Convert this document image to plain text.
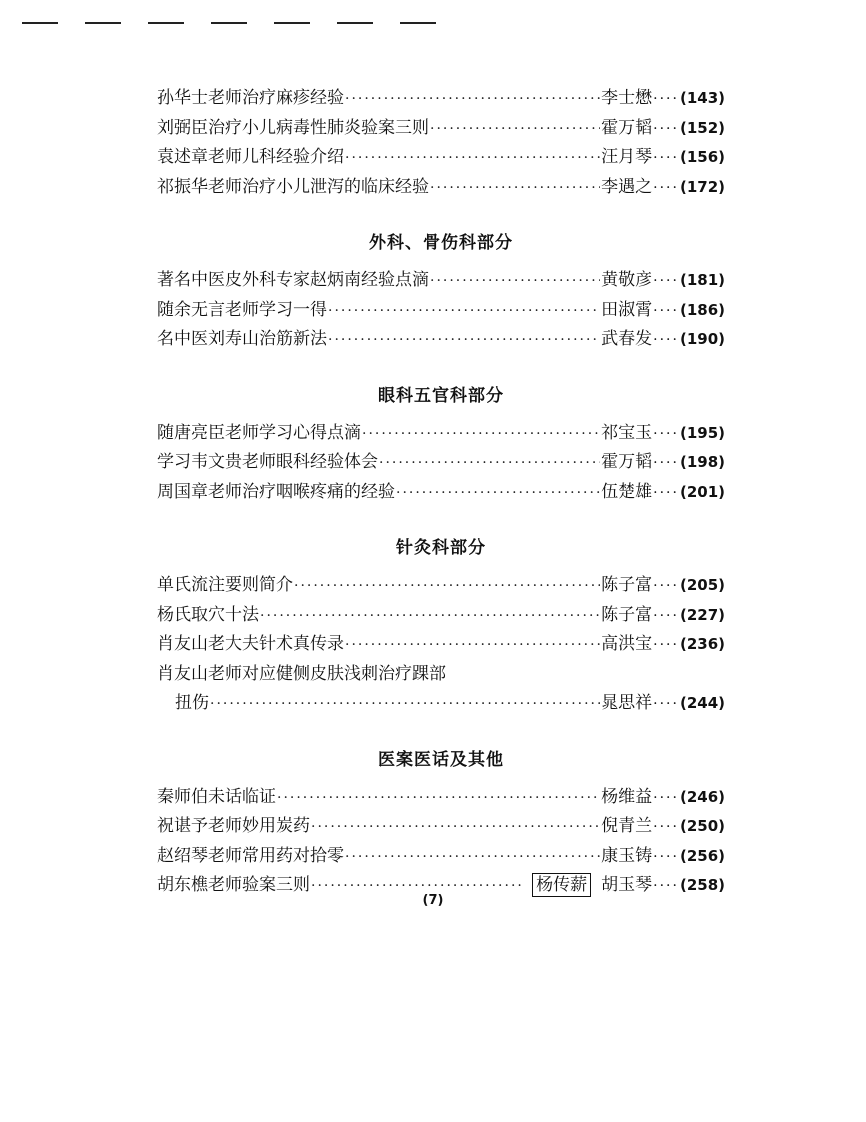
孙华士老师治疗麻疹经验 ·····	李士懋 ···· (143)
刘弼臣治疗小儿病毒性肺炎验案三则 ·····	霍万韬 ···· (152)
袁述章老师儿科经验介绍 ·····	汪月琴 ···· (156)
祁振华老师治疗小儿泄泻的临床经验 ·····	李遇之 ···· (172)
外科、骨伤科部分
著名中医皮外科专家赵炳南经验点滴 ·····	黄敬彦 ···· (181)
随余无言老师学习一得 ·····	田淑霄 ···· (186)
名中医刘寿山治筋新法 ·····	武春发 ···· (190)
眼科五官科部分
随唐亮臣老师学习心得点滴 ·····	祁宝玉 ···· (195)
学习韦文贵老师眼科经验体会 ·····	霍万韬 ···· (198)
周国章老师治疗咽喉疼痛的经验 ·····	伍楚雄 ···· (201)
针灸科部分
单氏流注要则简介 ·····	陈子富 ···· (205)
杨氏取穴十法 ·····	陈子富 ···· (227)
肖友山老大夫针术真传录 ·····	高洪宝 ···· (236)
肖友山老师对应健侧皮肤浅刺治疗踝部
扭伤 ·····	晁思祥 ···· (244)
医案医话及其他
秦师伯未话临证 ·····	杨维益 ···· (246)
祝谌予老师妙用炭药 ·····	倪青兰 ···· (250)
赵绍琴老师常用药对拾零 ·····	康玉铸 ···· (256)
胡东樵老师验案三则 ·····	杨传薪 胡玉琴 ···· (258)
(7)
